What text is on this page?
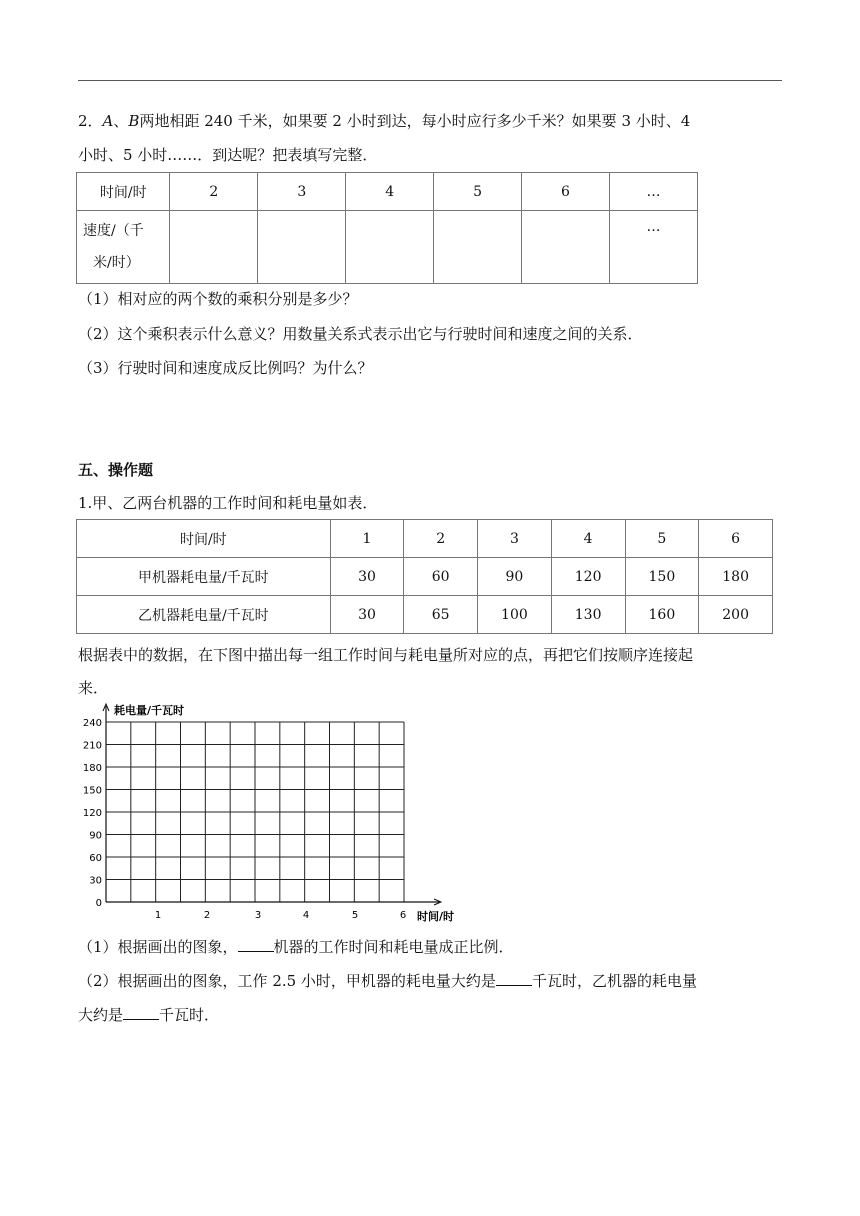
2．A、B两地相距 240 千米，如果要 2 小时到达，每小时应行多少千米？如果要 3 小时、4
小时、5 小时……．到达呢？把表填写完整．
时间/时	2	3	4	5	6	…
速度/（千
米/时）						…
（1）相对应的两个数的乘积分别是多少？
（2）这个乘积表示什么意义？用数量关系式表示出它与行驶时间和速度之间的关系．
（3）行驶时间和速度成反比例吗？为什么？
五、操作题
1.甲、乙两台机器的工作时间和耗电量如表．
时间/时	1	2	3	4	5	6
甲机器耗电量/千瓦时	30	60	90	120	150	180
乙机器耗电量/千瓦时	30	65	100	130	160	200
根据表中的数据，在下图中描出每一组工作时间与耗电量所对应的点，再把它们按顺序连接起
来．
0
30
60
90
120
150
180
210
240
1	2	3	4	5	6
耗电量/千瓦时
时间/时
（1）根据画出的图象， 机器的工作时间和耗电量成正比例．
（2）根据画出的图象，工作 2.5 小时，甲机器的耗电量大约是 千瓦时，乙机器的耗电量
大约是 千瓦时．
